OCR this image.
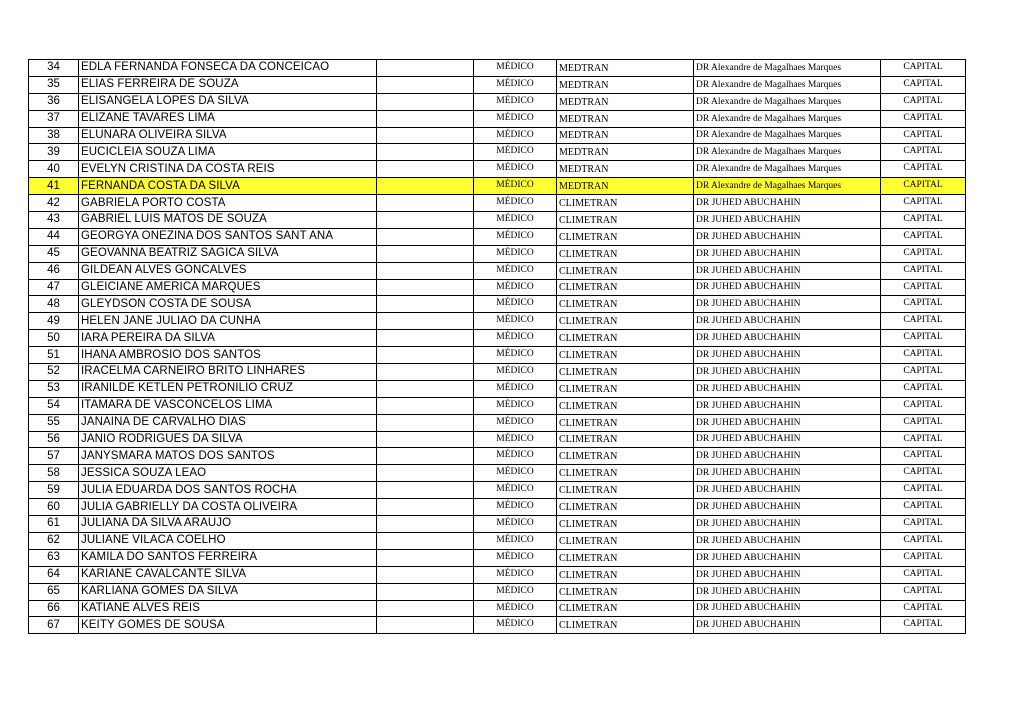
34	EDLA FERNANDA FONSECA DA CONCEICAO		MÉDICO	MEDTRAN	DR Alexandre de Magalhaes Marques	CAPITAL
35	ELIAS FERREIRA DE SOUZA		MÉDICO	MEDTRAN	DR Alexandre de Magalhaes Marques	CAPITAL
36	ELISANGELA LOPES DA SILVA		MÉDICO	MEDTRAN	DR Alexandre de Magalhaes Marques	CAPITAL
37	ELIZANE TAVARES LIMA		MÉDICO	MEDTRAN	DR Alexandre de Magalhaes Marques	CAPITAL
38	ELUNARA OLIVEIRA SILVA		MÉDICO	MEDTRAN	DR Alexandre de Magalhaes Marques	CAPITAL
39	EUCICLEIA SOUZA LIMA		MÉDICO	MEDTRAN	DR Alexandre de Magalhaes Marques	CAPITAL
40	EVELYN CRISTINA DA COSTA REIS		MÉDICO	MEDTRAN	DR Alexandre de Magalhaes Marques	CAPITAL
41	FERNANDA COSTA DA SILVA		MÉDICO	MEDTRAN	DR Alexandre de Magalhaes Marques	CAPITAL
42	GABRIELA PORTO COSTA		MÉDICO	CLIMETRAN	DR JUHED ABUCHAHIN	CAPITAL
43	GABRIEL LUIS MATOS DE SOUZA		MÉDICO	CLIMETRAN	DR JUHED ABUCHAHIN	CAPITAL
44	GEORGYA ONEZINA DOS SANTOS SANT ANA		MÉDICO	CLIMETRAN	DR JUHED ABUCHAHIN	CAPITAL
45	GEOVANNA BEATRIZ SAGICA SILVA		MÉDICO	CLIMETRAN	DR JUHED ABUCHAHIN	CAPITAL
46	GILDEAN ALVES GONCALVES		MÉDICO	CLIMETRAN	DR JUHED ABUCHAHIN	CAPITAL
47	GLEICIANE AMERICA MARQUES		MÉDICO	CLIMETRAN	DR JUHED ABUCHAHIN	CAPITAL
48	GLEYDSON COSTA DE SOUSA		MÉDICO	CLIMETRAN	DR JUHED ABUCHAHIN	CAPITAL
49	HELEN JANE JULIAO DA CUNHA		MÉDICO	CLIMETRAN	DR JUHED ABUCHAHIN	CAPITAL
50	IARA PEREIRA DA SILVA		MÉDICO	CLIMETRAN	DR JUHED ABUCHAHIN	CAPITAL
51	IHANA AMBROSIO DOS SANTOS		MÉDICO	CLIMETRAN	DR JUHED ABUCHAHIN	CAPITAL
52	IRACELMA CARNEIRO BRITO LINHARES		MÉDICO	CLIMETRAN	DR JUHED ABUCHAHIN	CAPITAL
53	IRANILDE KETLEN PETRONILIO CRUZ		MÉDICO	CLIMETRAN	DR JUHED ABUCHAHIN	CAPITAL
54	ITAMARA DE VASCONCELOS LIMA		MÉDICO	CLIMETRAN	DR JUHED ABUCHAHIN	CAPITAL
55	JANAINA DE CARVALHO DIAS		MÉDICO	CLIMETRAN	DR JUHED ABUCHAHIN	CAPITAL
56	JANIO RODRIGUES DA SILVA		MÉDICO	CLIMETRAN	DR JUHED ABUCHAHIN	CAPITAL
57	JANYSMARA MATOS DOS SANTOS		MÉDICO	CLIMETRAN	DR JUHED ABUCHAHIN	CAPITAL
58	JESSICA SOUZA LEAO		MÉDICO	CLIMETRAN	DR JUHED ABUCHAHIN	CAPITAL
59	JULIA EDUARDA DOS SANTOS ROCHA		MÉDICO	CLIMETRAN	DR JUHED ABUCHAHIN	CAPITAL
60	JULIA GABRIELLY DA COSTA OLIVEIRA		MÉDICO	CLIMETRAN	DR JUHED ABUCHAHIN	CAPITAL
61	JULIANA DA SILVA ARAUJO		MÉDICO	CLIMETRAN	DR JUHED ABUCHAHIN	CAPITAL
62	JULIANE VILACA COELHO		MÉDICO	CLIMETRAN	DR JUHED ABUCHAHIN	CAPITAL
63	KAMILA DO SANTOS FERREIRA		MÉDICO	CLIMETRAN	DR JUHED ABUCHAHIN	CAPITAL
64	KARIANE CAVALCANTE SILVA		MÉDICO	CLIMETRAN	DR JUHED ABUCHAHIN	CAPITAL
65	KARLIANA GOMES DA SILVA		MÉDICO	CLIMETRAN	DR JUHED ABUCHAHIN	CAPITAL
66	KATIANE ALVES REIS		MÉDICO	CLIMETRAN	DR JUHED ABUCHAHIN	CAPITAL
67	KEITY GOMES DE SOUSA		MÉDICO	CLIMETRAN	DR JUHED ABUCHAHIN	CAPITAL
